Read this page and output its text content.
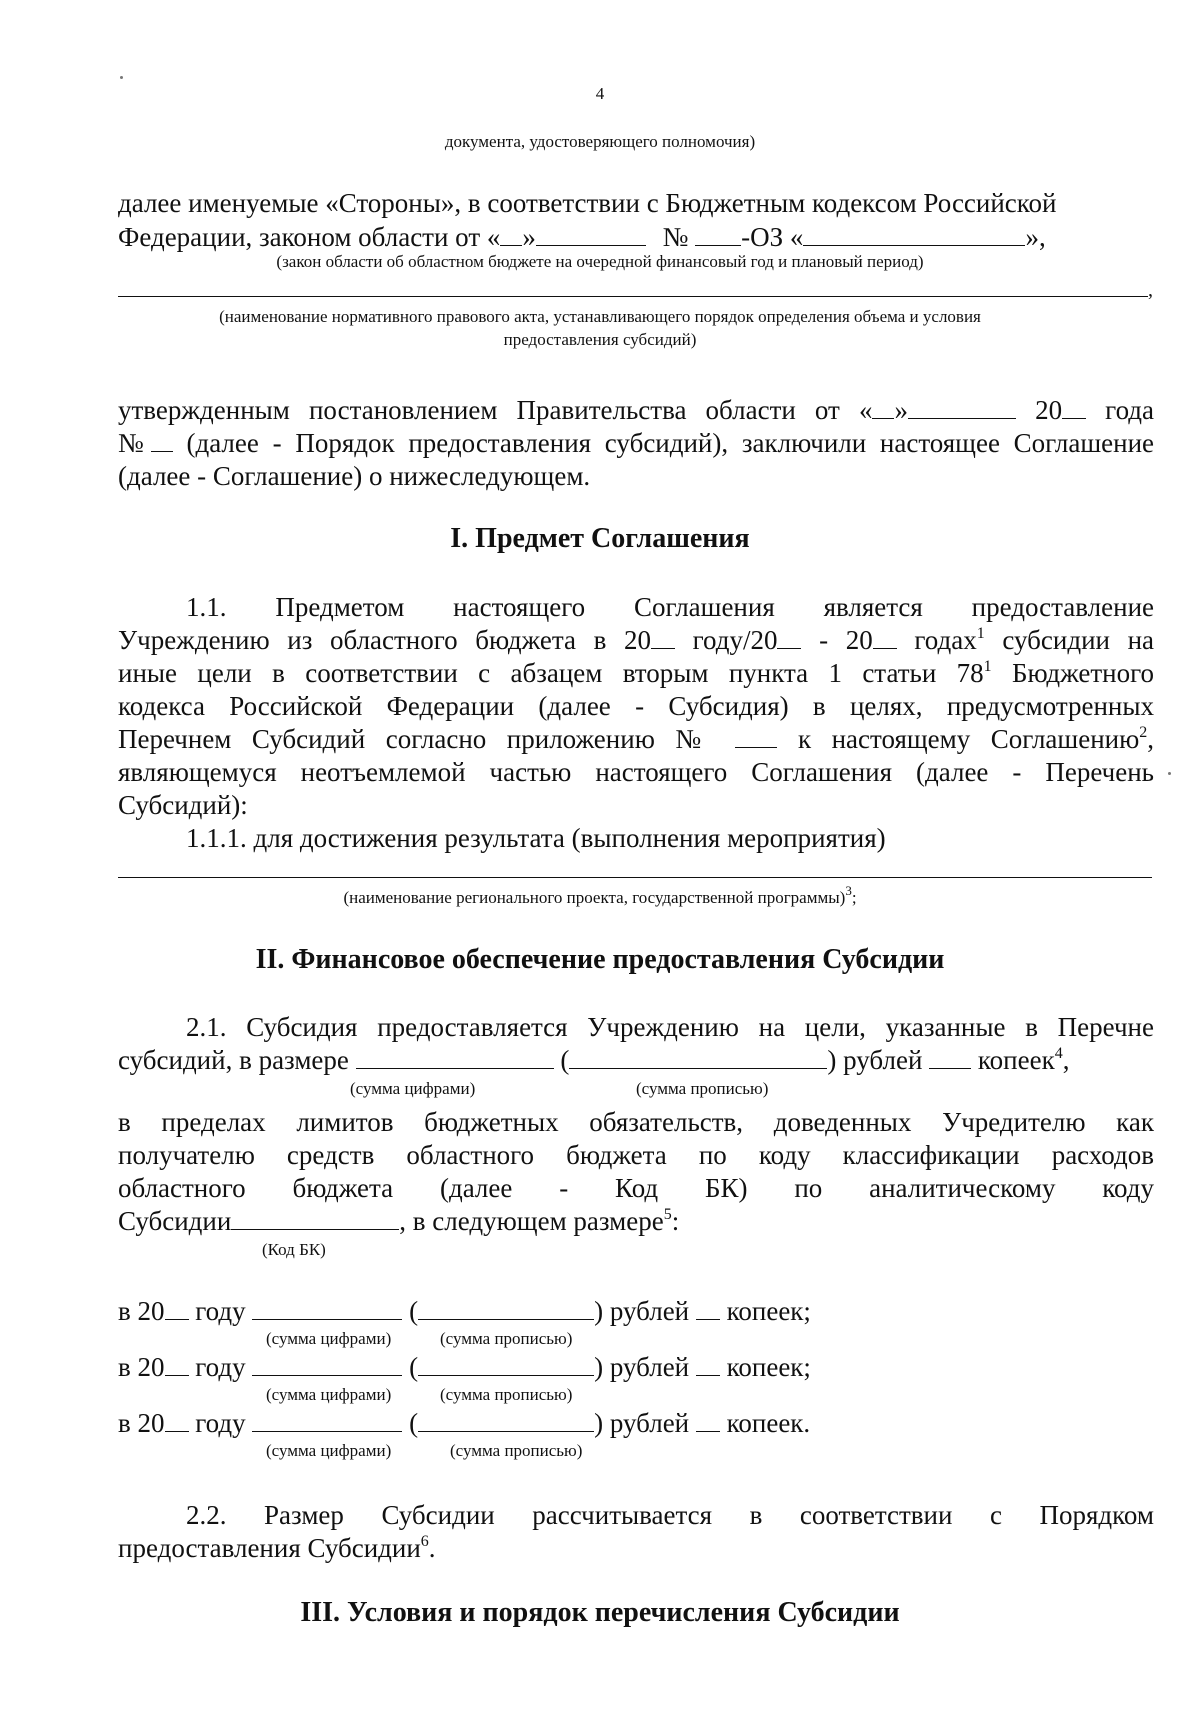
4
документа, удостоверяющего полномочия)
далее именуемые «Стороны», в соответствии с Бюджетным кодексом Российской
Федерации, законом области от « »	№ -ОЗ «	»,
(закон области об областном бюджете на очередной финансовый год и плановый период)
,
(наименование нормативного правового акта, устанавливающего порядок определения объема и условия
предоставления субсидий)
утвержденным постановлением Правительства области от « »	20 года
№ (далее - Порядок предоставления субсидий), заключили настоящее Соглашение
(далее - Соглашение) о нижеследующем.
I. Предмет Соглашения
1.1. Предметом настоящего Соглашения является предоставление
Учреждению из областного бюджета в 20 году/20 - 20 годах$^1$ субсидии на
иные цели в соответствии с абзацем вторым пункта 1 статьи $78^1$ Бюджетного
кодекса Российской Федерации (далее - Субсидия) в целях, предусмотренных
Перечнем Субсидий согласно приложению №	к настоящему Соглашению$^2$,
являющемуся неотъемлемой частью настоящего Соглашения (далее - Перечень
Субсидий):
1.1.1. для достижения результата (выполнения мероприятия)
(наименование регионального проекта, государственной программы)$^3$;
II. Финансовое обеспечение предоставления Субсидии
2.1. Субсидия предоставляется Учреждению на цели, указанные в Перечне
субсидий, в размере	(	) рублей копеек$^4$,
(сумма цифрами)	(сумма прописью)
в пределах лимитов бюджетных обязательств, доведенных Учредителю как
получателю средств областного бюджета по коду классификации расходов
областного бюджета (далее - Код БК) по аналитическому коду
Субсидии	, в следующем размере$^5$:
(Код БК)
в 20 году	(	) рублей копеек;
(сумма цифрами)	(сумма прописью)
в 20 году	(	) рублей копеек;
(сумма цифрами)	(сумма прописью)
в 20 году	(	) рублей копеек.
(сумма цифрами)	(сумма прописью)
2.2. Размер Субсидии рассчитывается в соответствии с Порядком
предоставления Субсидии$^6$.
III. Условия и порядок перечисления Субсидии
